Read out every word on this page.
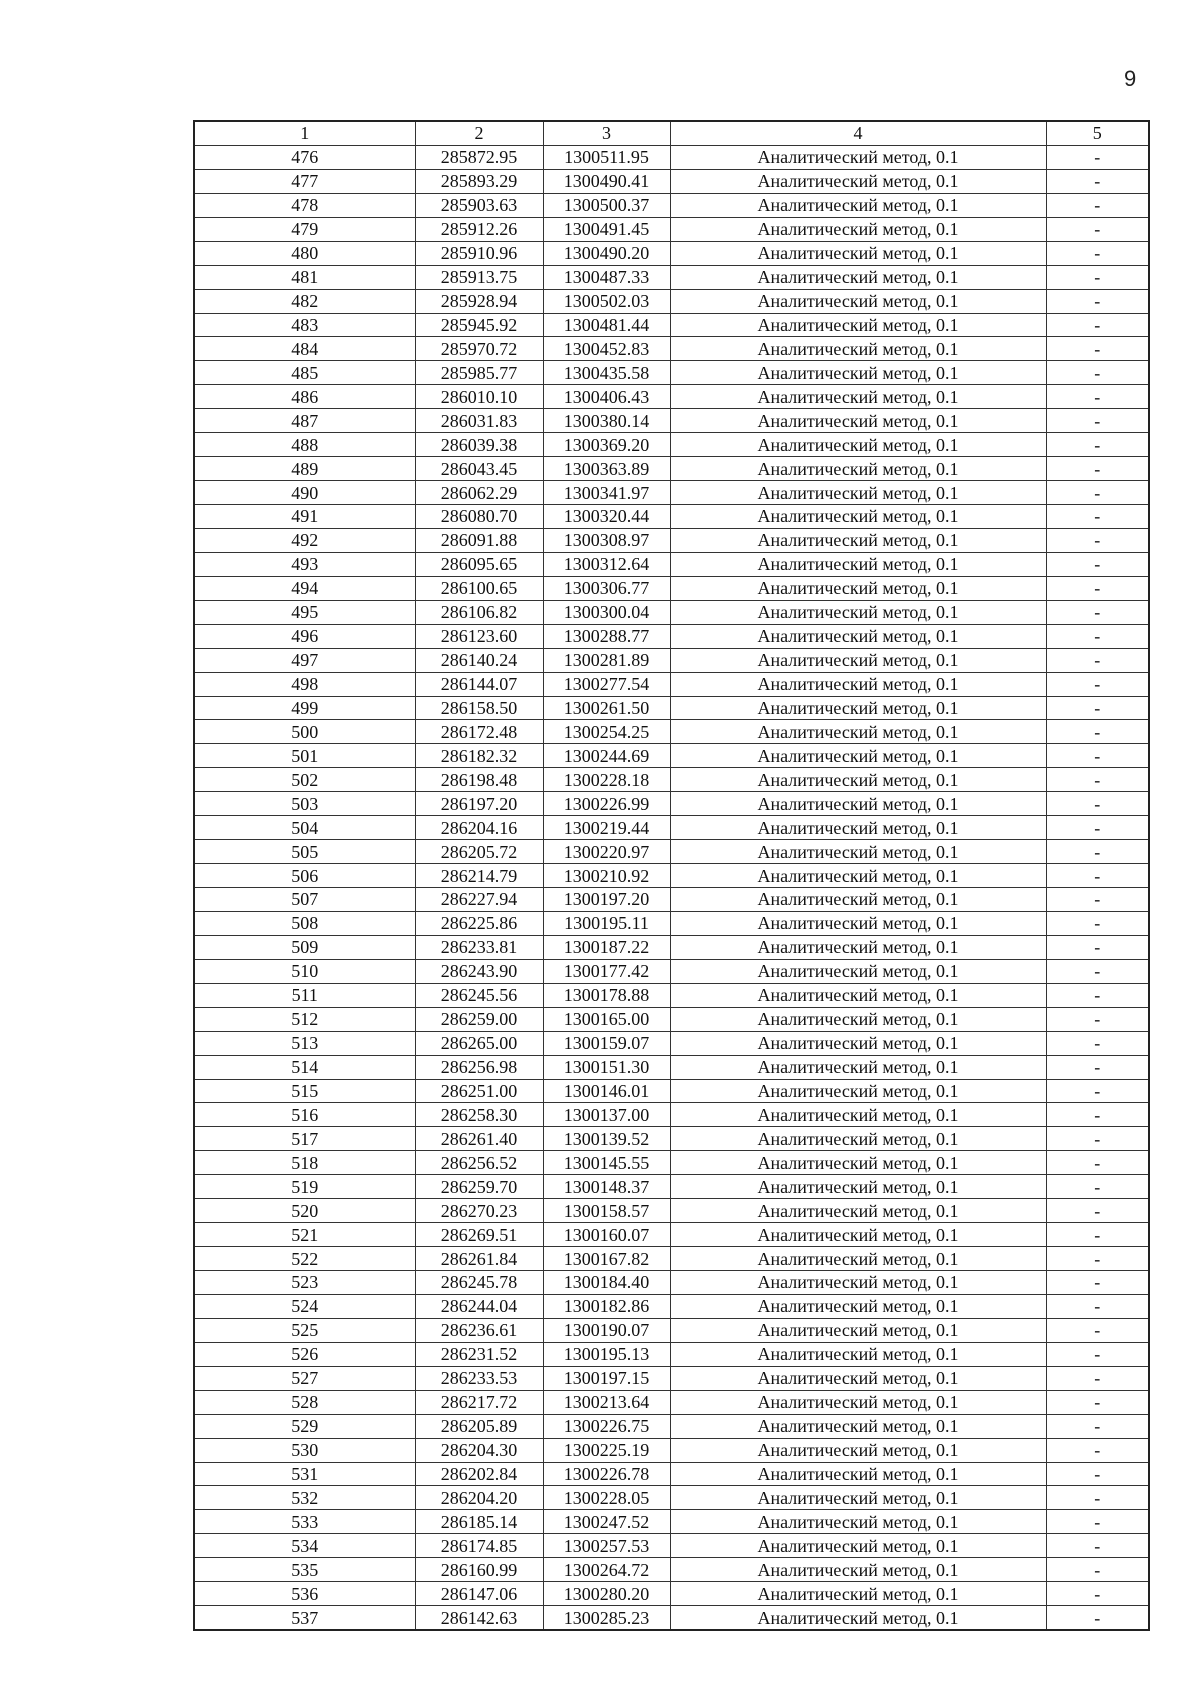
9
1	2	3	4	5
476	285872.95	1300511.95	Аналитический метод, 0.1	-
477	285893.29	1300490.41	Аналитический метод, 0.1	-
478	285903.63	1300500.37	Аналитический метод, 0.1	-
479	285912.26	1300491.45	Аналитический метод, 0.1	-
480	285910.96	1300490.20	Аналитический метод, 0.1	-
481	285913.75	1300487.33	Аналитический метод, 0.1	-
482	285928.94	1300502.03	Аналитический метод, 0.1	-
483	285945.92	1300481.44	Аналитический метод, 0.1	-
484	285970.72	1300452.83	Аналитический метод, 0.1	-
485	285985.77	1300435.58	Аналитический метод, 0.1	-
486	286010.10	1300406.43	Аналитический метод, 0.1	-
487	286031.83	1300380.14	Аналитический метод, 0.1	-
488	286039.38	1300369.20	Аналитический метод, 0.1	-
489	286043.45	1300363.89	Аналитический метод, 0.1	-
490	286062.29	1300341.97	Аналитический метод, 0.1	-
491	286080.70	1300320.44	Аналитический метод, 0.1	-
492	286091.88	1300308.97	Аналитический метод, 0.1	-
493	286095.65	1300312.64	Аналитический метод, 0.1	-
494	286100.65	1300306.77	Аналитический метод, 0.1	-
495	286106.82	1300300.04	Аналитический метод, 0.1	-
496	286123.60	1300288.77	Аналитический метод, 0.1	-
497	286140.24	1300281.89	Аналитический метод, 0.1	-
498	286144.07	1300277.54	Аналитический метод, 0.1	-
499	286158.50	1300261.50	Аналитический метод, 0.1	-
500	286172.48	1300254.25	Аналитический метод, 0.1	-
501	286182.32	1300244.69	Аналитический метод, 0.1	-
502	286198.48	1300228.18	Аналитический метод, 0.1	-
503	286197.20	1300226.99	Аналитический метод, 0.1	-
504	286204.16	1300219.44	Аналитический метод, 0.1	-
505	286205.72	1300220.97	Аналитический метод, 0.1	-
506	286214.79	1300210.92	Аналитический метод, 0.1	-
507	286227.94	1300197.20	Аналитический метод, 0.1	-
508	286225.86	1300195.11	Аналитический метод, 0.1	-
509	286233.81	1300187.22	Аналитический метод, 0.1	-
510	286243.90	1300177.42	Аналитический метод, 0.1	-
511	286245.56	1300178.88	Аналитический метод, 0.1	-
512	286259.00	1300165.00	Аналитический метод, 0.1	-
513	286265.00	1300159.07	Аналитический метод, 0.1	-
514	286256.98	1300151.30	Аналитический метод, 0.1	-
515	286251.00	1300146.01	Аналитический метод, 0.1	-
516	286258.30	1300137.00	Аналитический метод, 0.1	-
517	286261.40	1300139.52	Аналитический метод, 0.1	-
518	286256.52	1300145.55	Аналитический метод, 0.1	-
519	286259.70	1300148.37	Аналитический метод, 0.1	-
520	286270.23	1300158.57	Аналитический метод, 0.1	-
521	286269.51	1300160.07	Аналитический метод, 0.1	-
522	286261.84	1300167.82	Аналитический метод, 0.1	-
523	286245.78	1300184.40	Аналитический метод, 0.1	-
524	286244.04	1300182.86	Аналитический метод, 0.1	-
525	286236.61	1300190.07	Аналитический метод, 0.1	-
526	286231.52	1300195.13	Аналитический метод, 0.1	-
527	286233.53	1300197.15	Аналитический метод, 0.1	-
528	286217.72	1300213.64	Аналитический метод, 0.1	-
529	286205.89	1300226.75	Аналитический метод, 0.1	-
530	286204.30	1300225.19	Аналитический метод, 0.1	-
531	286202.84	1300226.78	Аналитический метод, 0.1	-
532	286204.20	1300228.05	Аналитический метод, 0.1	-
533	286185.14	1300247.52	Аналитический метод, 0.1	-
534	286174.85	1300257.53	Аналитический метод, 0.1	-
535	286160.99	1300264.72	Аналитический метод, 0.1	-
536	286147.06	1300280.20	Аналитический метод, 0.1	-
537	286142.63	1300285.23	Аналитический метод, 0.1	-
